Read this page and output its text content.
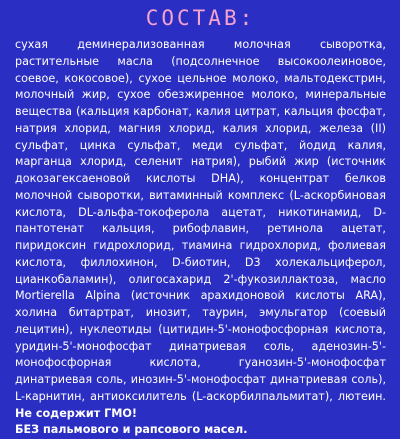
СОСТАВ:

сухая деминерализованная молочная сыворотка, растительные масла (подсолнечное высокоолеиновое, соевое, кокосовое), сухое цельное молоко, мальтодекстрин, молочный жир, сухое обезжиренное молоко, минеральные вещества (кальция карбонат, калия цитрат, кальция фосфат, натрия хлорид, магния хлорид, калия хлорид, железа (II) сульфат, цинка сульфат, меди сульфат, йодид калия, марганца хлорид, селенит натрия), рыбий жир (источник докозагексаеновой кислоты DHA), концентрат белков молочной сыворотки, витаминный комплекс (L-аскорбиновая кислота, DL-альфа-токоферола ацетат, никотинамид, D-пантотенат кальция, рибофлавин, ретинола ацетат, пиридоксин гидрохлорид, тиамина гидрохлорид, фолиевая кислота, филлохинон, D-биотин, D3 холекальциферол, цианкобаламин), олигосахарид 2'-фукозиллактоза, масло Mortierella Alpina (источник арахидоновой кислоты ARA), холина битартрат, инозит, таурин, эмульгатор (соевый лецитин), нуклеотиды (цитидин-5'-монофосфорная кислота, уридин-5'-монофосфат динатриевая соль, аденозин-5'-монофосфорная кислота, гуанозин-5'-монофосфат динатриевая соль, инозин-5'-монофосфат динатриевая соль), L-карнитин, антиоксилитель (L-аскорбилпальмитат), лютеин. Не содержит ГМО!
БЕЗ пальмового и рапсового масел.
